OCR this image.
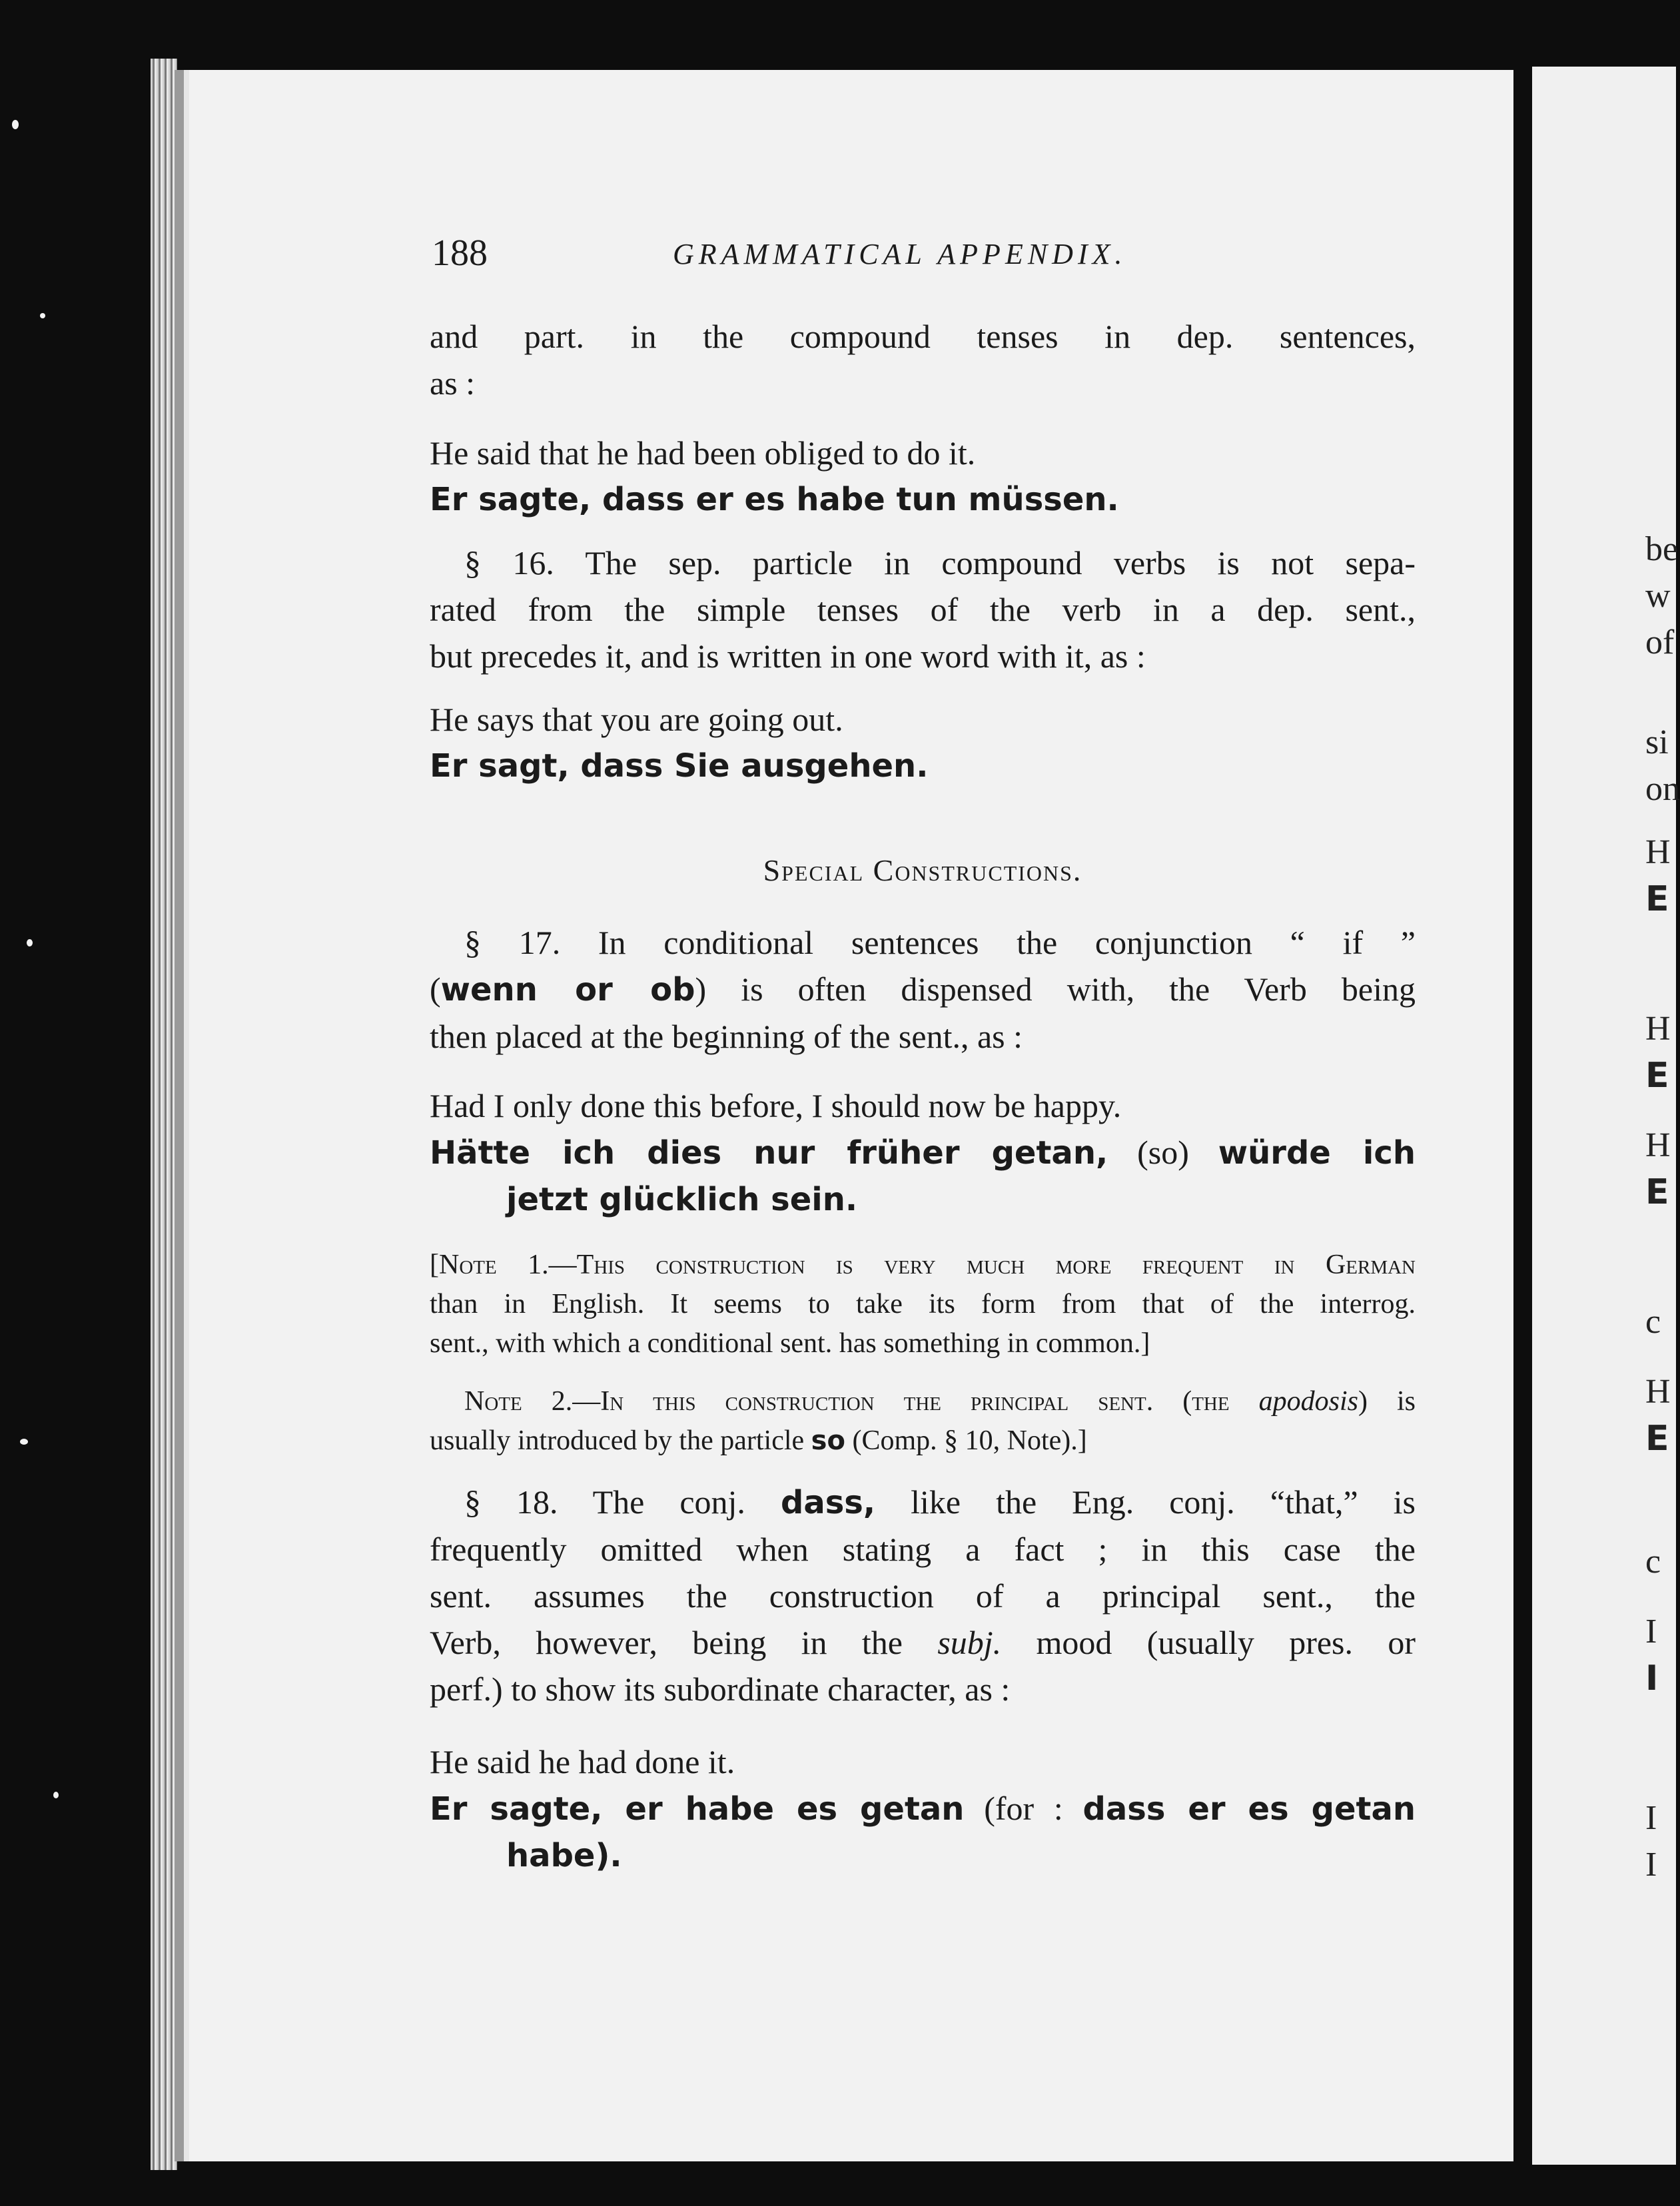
be
w
of
si
on
H
E
H
E
H
E
c
H
E
c
I
I
I
I
188	GRAMMATICAL APPENDIX.
and part. in the compound tenses in dep. sentences,
as :
He said that he had been obliged to do it.
Er sagte, dass er es habe tun müssen.
§ 16. The sep. particle in compound verbs is not sepa-
rated from the simple tenses of the verb in a dep. sent.,
but precedes it, and is written in one word with it, as :
He says that you are going out.
Er sagt, dass Sie ausgehen.
Special Constructions.
§ 17. In conditional sentences the conjunction “ if ”
(wenn or ob) is often dispensed with, the Verb being
then placed at the beginning of the sent., as :
Had I only done this before, I should now be happy.
Hätte ich dies nur früher getan, (so) würde ich
jetzt glücklich sein.
[Note 1.—This construction is very much more frequent in German
than in English. It seems to take its form from that of the interrog.
sent., with which a conditional sent. has something in common.]
Note 2.—In this construction the principal sent. (the apodosis) is
usually introduced by the particle so (Comp. § 10, Note).]
§ 18. The conj. dass, like the Eng. conj. “that,” is
frequently omitted when stating a fact ; in this case the
sent. assumes the construction of a principal sent., the
Verb, however, being in the subj. mood (usually pres. or
perf.) to show its subordinate character, as :
He said he had done it.
Er sagte, er habe es getan (for : dass er es getan
habe).
